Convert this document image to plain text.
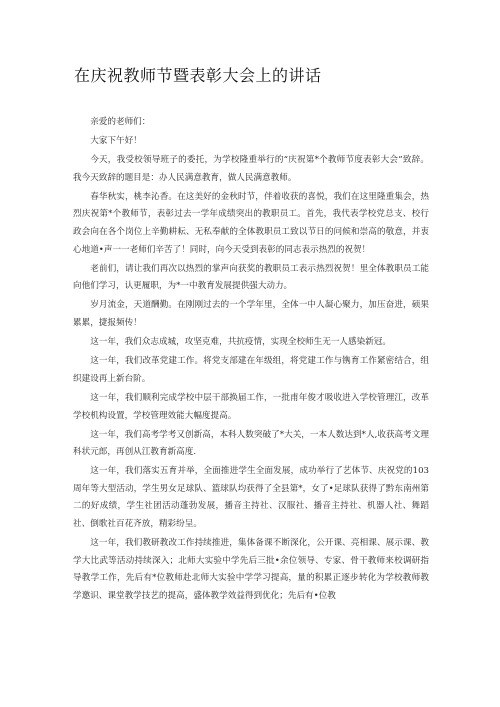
在庆祝教师节暨表彰大会上的讲话

亲爱的老师们：

大家下午好！

今天，我受校领导班子的委托，为学校隆重举行的“庆祝第*个教师节度表彰大会”致辞。我今天致辞的题目是：办人民满意教育，做人民满意教师。

春华秋实，桃李沁香。在这美好的金秋时节，伴着收获的喜悦，我们在这里隆重集会，热烈庆祝第*个教师节，表彰过去一学年成绩突出的教职员工。首先，我代表学校党总支、校行政会向在各个岗位上辛勤耕耘、无私奉献的全体教职员工致以节日的问候和崇高的敬意，并衷心地道•声一一老师们辛苦了！同时，向今天受到表彰的同志表示热烈的祝贺！

老前们，请让我们再次以热烈的掌声向获奖的教职员工表示热烈祝贺！里全体教职员工能向他们学习，认更履职，为*一中教育发展提供强大动力。

岁月流金，天道酬勤。在刚刚过去的一个学年里，全体一中人凝心聚力，加压奋进，硕果累累，捷报频传！

这一年，我们众志成城，攻坚克难，共抗疫情，实现全校师生无一人感染新冠。

这一年，我们改革党建工作。将党支部建在年级组，将党建工作与镌育工作紧密结合，组织建设再上新台阶。

这一年，我们顺利完成学校中层干部换届工作，一批甫年俊才吸收进入学校管理江，改革学校机构设置，学校管理效能大幅度提高。

这一年，我们高考学考又创新高，本科人数突破了*大关，一本人数达到*人,收获高考文理科状元郎，再创从江教育新高度.

这一年，我们落实五育并举，全面推进学生全面发展，成功举行了艺体节、庆祝党的103周年等大型活动，学生男女足球队、篮球队均获得了全县第*，女了•足球队获得了黔东南州第二的好成绩，学生社团活动蓬勃发展，播音主持社、汉服社、播音主持社、机器人社、舞蹈社、倒歌社百花齐放，精彩纷呈。

这一年，我们教研教改工作持续推进，集体备课不断深化，公开课、亮相课、展示课、教学大比武等活动持续深入；北师大实验中学先后三批•余位领导、专家、骨干教师来校调研指导教学工作，先后有*位教师赴北师大实验中学学习提高，量的积累正逐步转化为学校教师教学邀识、课堂教学技艺的提高，盛体教学效益得到优化；先后有•位教
